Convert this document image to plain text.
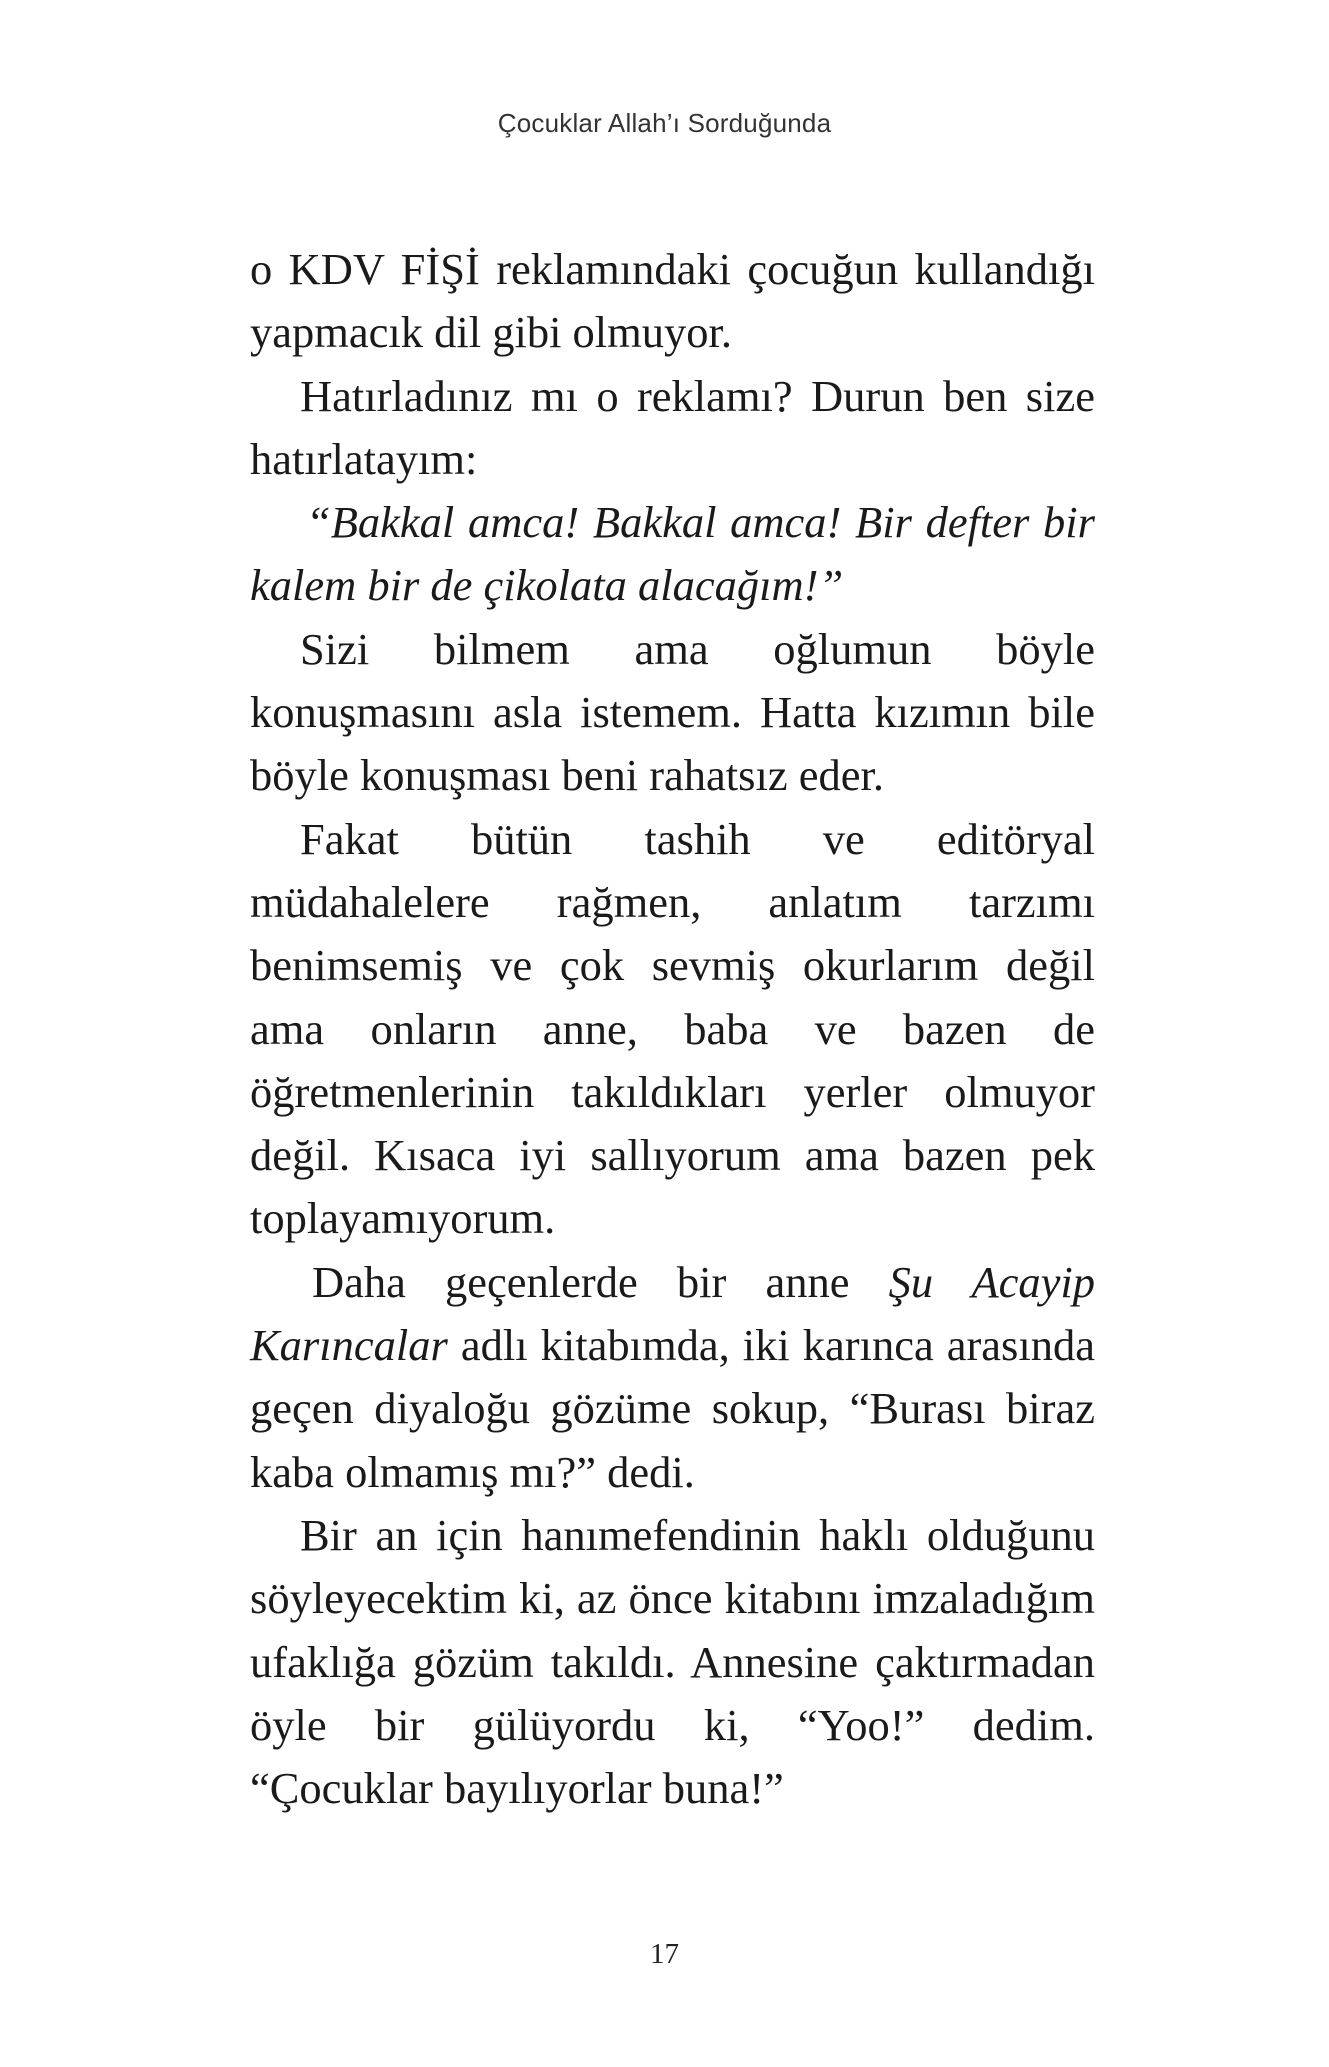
Çocuklar Allah’ı Sorduğunda

o KDV FİŞİ reklamındaki çocuğun kullandığı yapmacık dil gibi olmuyor.

Hatırladınız mı o reklamı? Durun ben size hatırlatayım:

“Bakkal amca! Bakkal amca! Bir defter bir kalem bir de çikolata alacağım!”

Sizi bilmem ama oğlumun böyle konuşmasını asla istemem. Hatta kızımın bile böyle konuşması beni rahatsız eder.

Fakat bütün tashih ve editöryal müdahalelere rağmen, anlatım tarzımı benimsemiş ve çok sevmiş okurlarım değil ama onların anne, baba ve bazen de öğretmenlerinin takıldıkları yerler olmuyor değil. Kısaca iyi sallıyorum ama bazen pek toplayamıyorum.

Daha geçenlerde bir anne Şu Acayip Karıncalar adlı kitabımda, iki karınca arasında geçen diyaloğu gözüme sokup, “Burası biraz kaba olmamış mı?” dedi.

Bir an için hanımefendinin haklı olduğunu söyleyecektim ki, az önce kitabını imzaladığım ufaklığa gözüm takıldı. Annesine çaktırmadan öyle bir gülüyordu ki, “Yoo!” dedim. “Çocuklar bayılıyorlar buna!”

17
